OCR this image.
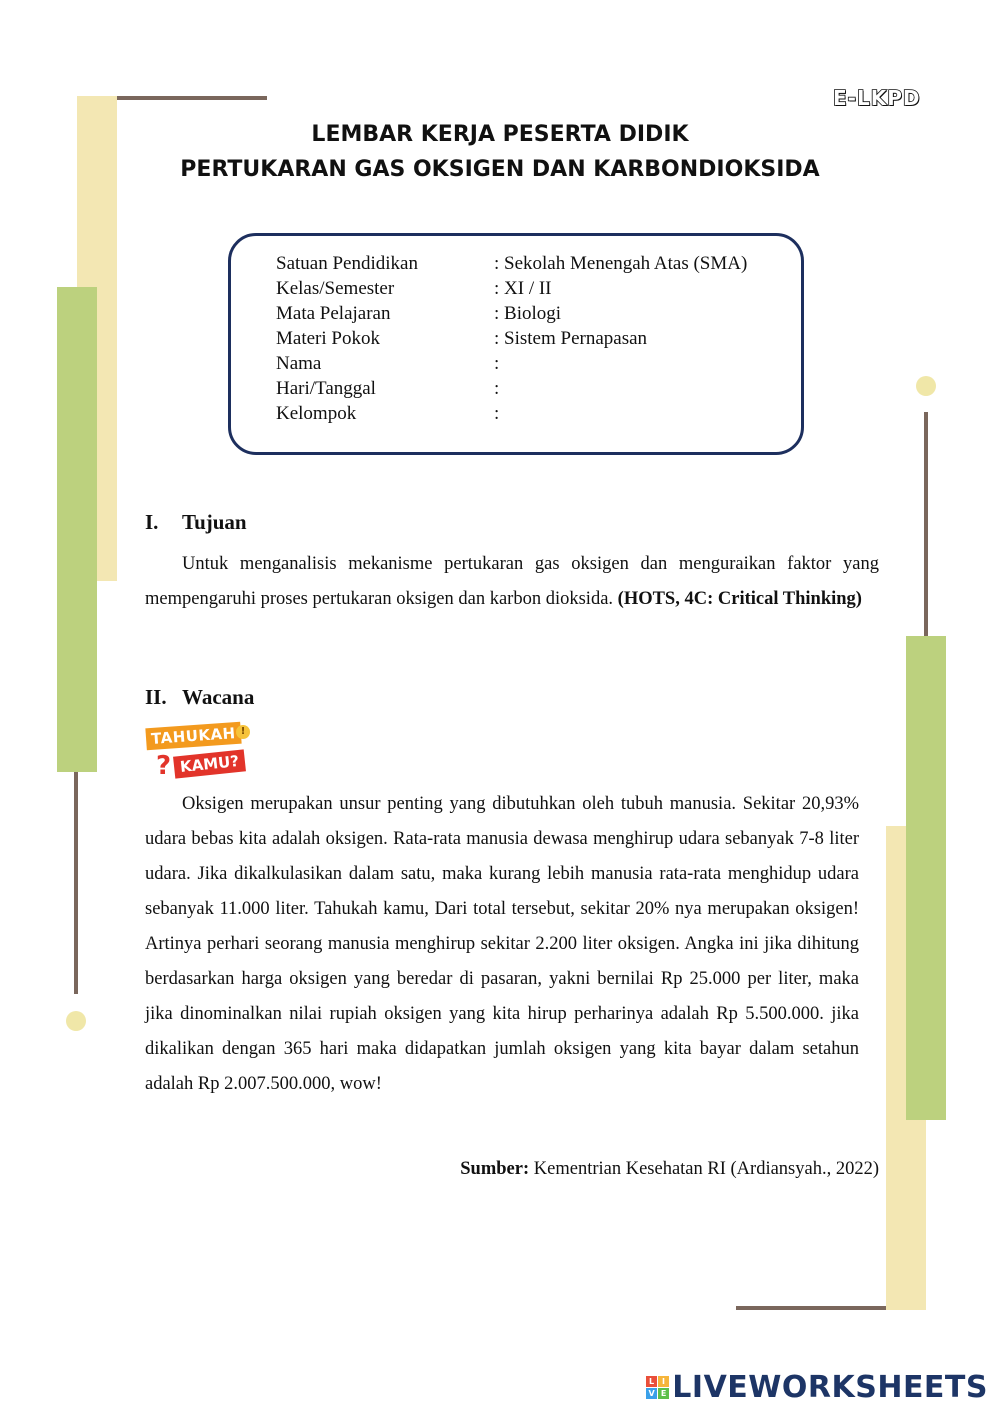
E-LKPD
LEMBAR KERJA PESERTA DIDIK
PERTUKARAN GAS OKSIGEN DAN KARBONDIOKSIDA
Satuan Pendidikan	: Sekolah Menengah Atas (SMA)
Kelas/Semester	: XI / II
Mata Pelajaran	: Biologi
Materi Pokok	: Sistem Pernapasan
Nama	:
Hari/Tanggal	:
Kelompok	:
I. Tujuan
Untuk menganalisis mekanisme pertukaran gas oksigen dan menguraikan faktor yang mempengaruhi proses pertukaran oksigen dan karbon dioksida. (HOTS, 4C: Critical Thinking)
II. Wacana
TAHUKAH !
? KAMU?
Oksigen merupakan unsur penting yang dibutuhkan oleh tubuh manusia. Sekitar 20,93% udara bebas kita adalah oksigen. Rata-rata manusia dewasa menghirup udara sebanyak 7-8 liter udara. Jika dikalkulasikan dalam satu, maka kurang lebih manusia rata-rata menghidup udara sebanyak 11.000 liter. Tahukah kamu, Dari total tersebut, sekitar 20% nya merupakan oksigen! Artinya perhari seorang manusia menghirup sekitar 2.200 liter oksigen. Angka ini jika dihitung berdasarkan harga oksigen yang beredar di pasaran, yakni bernilai Rp 25.000 per liter, maka jika dinominalkan nilai rupiah oksigen yang kita hirup perharinya adalah Rp 5.500.000. jika dikalikan dengan 365 hari maka didapatkan jumlah oksigen yang kita bayar dalam setahun adalah Rp 2.007.500.000, wow!
Sumber: Kementrian Kesehatan RI (Ardiansyah., 2022)
L I
V E LIVEWORKSHEETS
